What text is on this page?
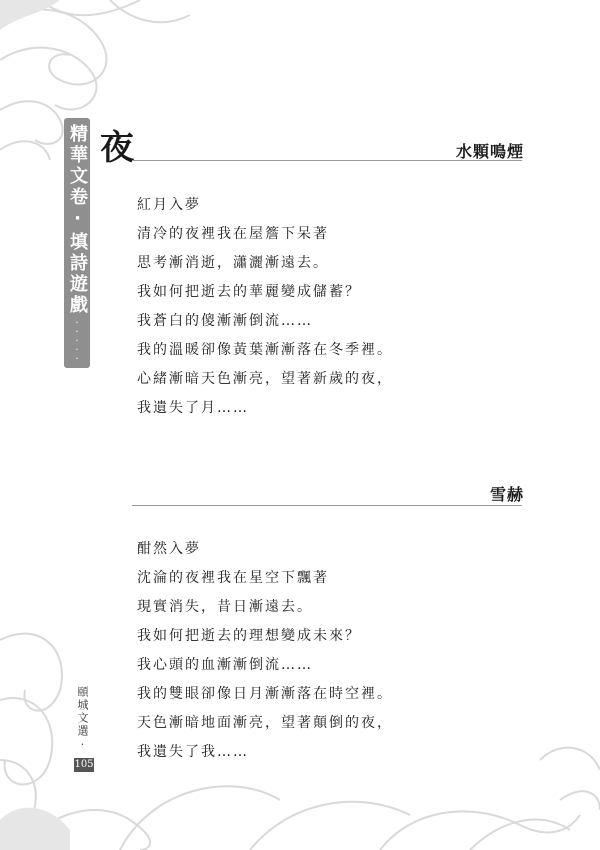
精華文卷·填詩遊戲
·····
夜	水顆鳴煙
紅月入夢
清冷的夜裡我在屋簷下呆著
思考漸消逝，瀟灑漸遠去。
我如何把逝去的華麗變成儲蓄？
我蒼白的傻漸漸倒流……
我的溫暖卻像黃葉漸漸落在冬季裡。
心緒漸暗天色漸亮，望著新歲的夜，
我遺失了月……
雪赫
酣然入夢
沈淪的夜裡我在星空下飄著
現實消失，昔日漸遠去。
我如何把逝去的理想變成未來？
我心頭的血漸漸倒流……
我的雙眼卻像日月漸漸落在時空裡。
天色漸暗地面漸亮，望著顛倒的夜，
我遺失了我……
頤城文選·
105
